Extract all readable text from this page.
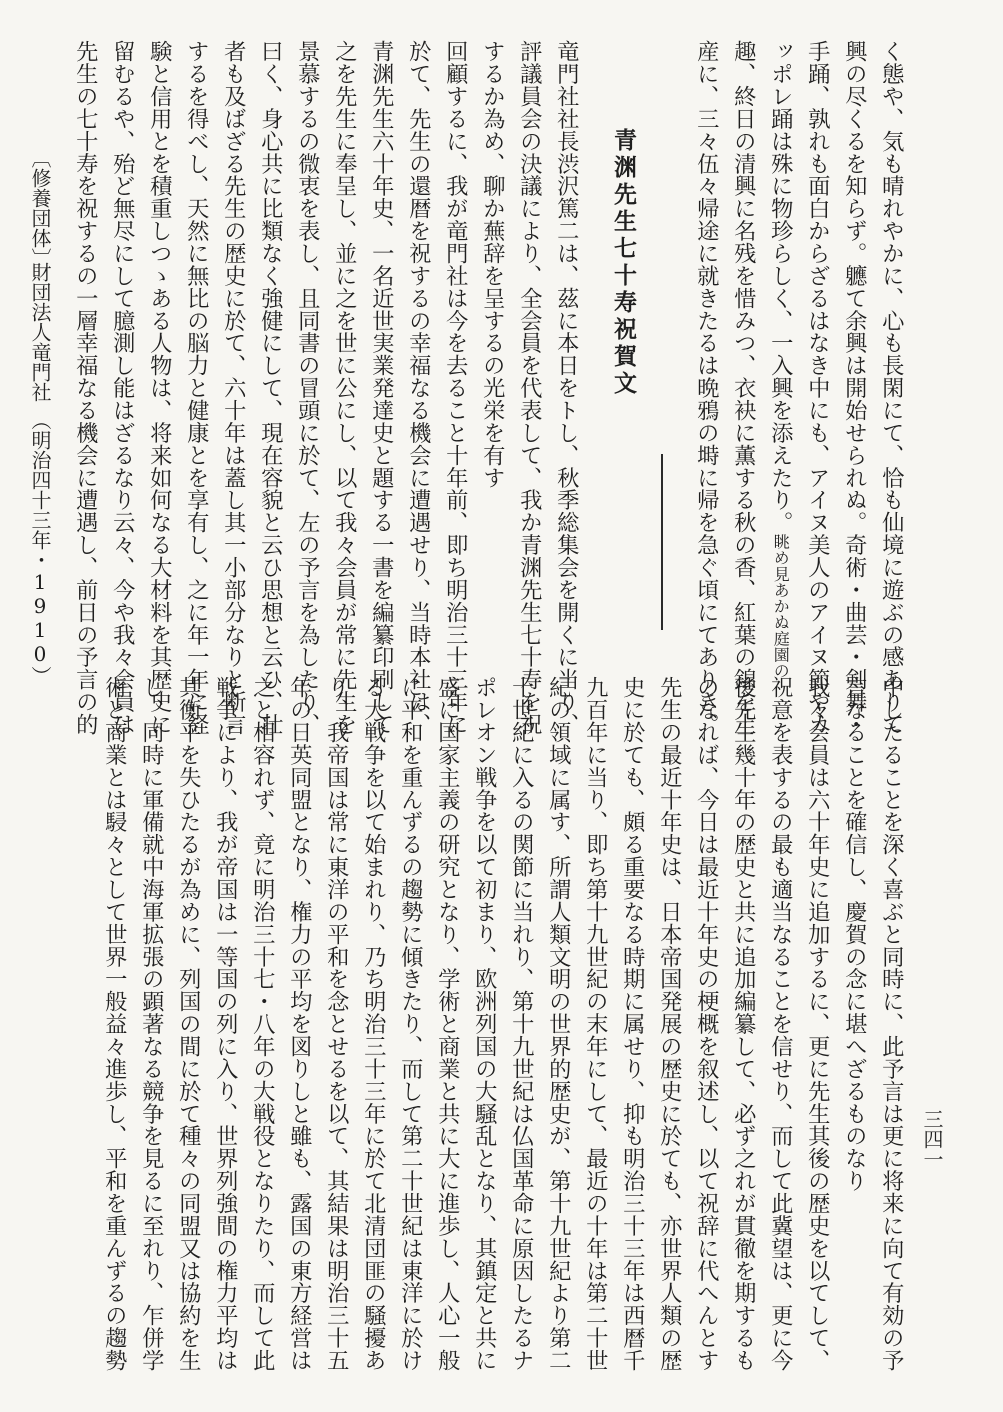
く態や、気も晴れやかに、心も長閑にて、恰も仙境に遊ぶの感ありて

興の尽くるを知らず。軈て余興は開始せられぬ。奇術・曲芸・剣舞・

手踊、孰れも面白からざるはなき中にも、アイヌ美人のアイヌ節やカ

ッポレ踊は殊に物珍らしく、一入興を添えたり。眺め見あかぬ庭園の

趣、終日の清興に名残を惜みつ、衣袂に薫する秋の香、紅葉の錦を土

産に、三々伍々帰途に就きたるは晩鴉の塒に帰を急ぐ頃にてありき。

青渊先生七十寿祝賀文

竜門社社長渋沢篤二は、茲に本日をトし、秋季総集会を開くに当り、

評議員会の決議により、全会員を代表して、我か青渊先生七十寿を祝

するか為め、聊か蕪辞を呈するの光栄を有す

回顧するに、我が竜門社は今を去ること十年前、即ち明治三十三年に

於て、先生の還暦を祝するの幸福なる機会に遭遇せり、当時本社は、

青渊先生六十年史、一名近世実業発達史と題する一書を編纂印刷して

之を先生に奉呈し、並に之を世に公にし、以て我々会員が常に先生を

景慕するの微衷を表し、且同書の冒頭に於て、左の予言を為したり、

曰く、身心共に比類なく強健にして、現在容貌と云ひ思想と云ひ、壮

者も及ばざる先生の歴史に於て、六十年は蓋し其一小部分なりと断言

するを得べし、天然に無比の脳力と健康とを享有し、之に年一年に経

験と信用とを積重しつゝある人物は、将来如何なる大材料を其歴史に

留むるや、殆ど無尽にして臆測し能はざるなり云々、今や我々会員は

先生の七十寿を祝するの一層幸福なる機会に遭遇し、前日の予言の的

中したることを深く喜ぶと同時に、此予言は更に将来に向て有効の予

言なることを確信し、慶賀の念に堪へざるものなり

我々会員は六十年史に追加するに、更に先生其後の歴史を以てして、

祝意を表するの最も適当なることを信せり、而して此冀望は、更に今

後先生幾十年の歴史と共に追加編纂して、必ず之れが貫徹を期するも

のなれば、今日は最近十年史の梗概を叙述し、以て祝辞に代へんとす

先生の最近十年史は、日本帝国発展の歴史に於ても、亦世界人類の歴

史に於ても、頗る重要なる時期に属せり、抑も明治三十三年は西暦千

九百年に当り、即ち第十九世紀の末年にして、最近の十年は第二十世

紀の領域に属す、所謂人類文明の世界的歴史が、第十九世紀より第二

十世紀に入るの関節に当れり、第十九世紀は仏国革命に原因したるナ

ポレオン戦争を以て初まり、欧洲列国の大騒乱となり、其鎮定と共に

盛に国家主義の研究となり、学術と商業と共に大に進歩し、人心一般

に平和を重んずるの趨勢に傾きたり、而して第二十世紀は東洋に於け

る大戦争を以て始まれり、乃ち明治三十三年に於て北清団匪の騒擾あ

り、我帝国は常に東洋の平和を念とせるを以て、其結果は明治三十五

年の日英同盟となり、権力の平均を図りしと雖も、露国の東方経営は

之と相容れず、竟に明治三十七・八年の大戦役となりたり、而して此

戦争により、我が帝国は一等国の列に入り、世界列強間の権力平均は

其衡平を失ひたるが為めに、列国の間に於て種々の同盟又は協約を生

し、同時に軍備就中海軍拡張の顕著なる競争を見るに至れり、乍併学

術と商業とは駸々として世界一般益々進歩し、平和を重んずるの趨勢

〔修養団体〕

財団法人竜門社

（明治四十三年・1910）

三四一
